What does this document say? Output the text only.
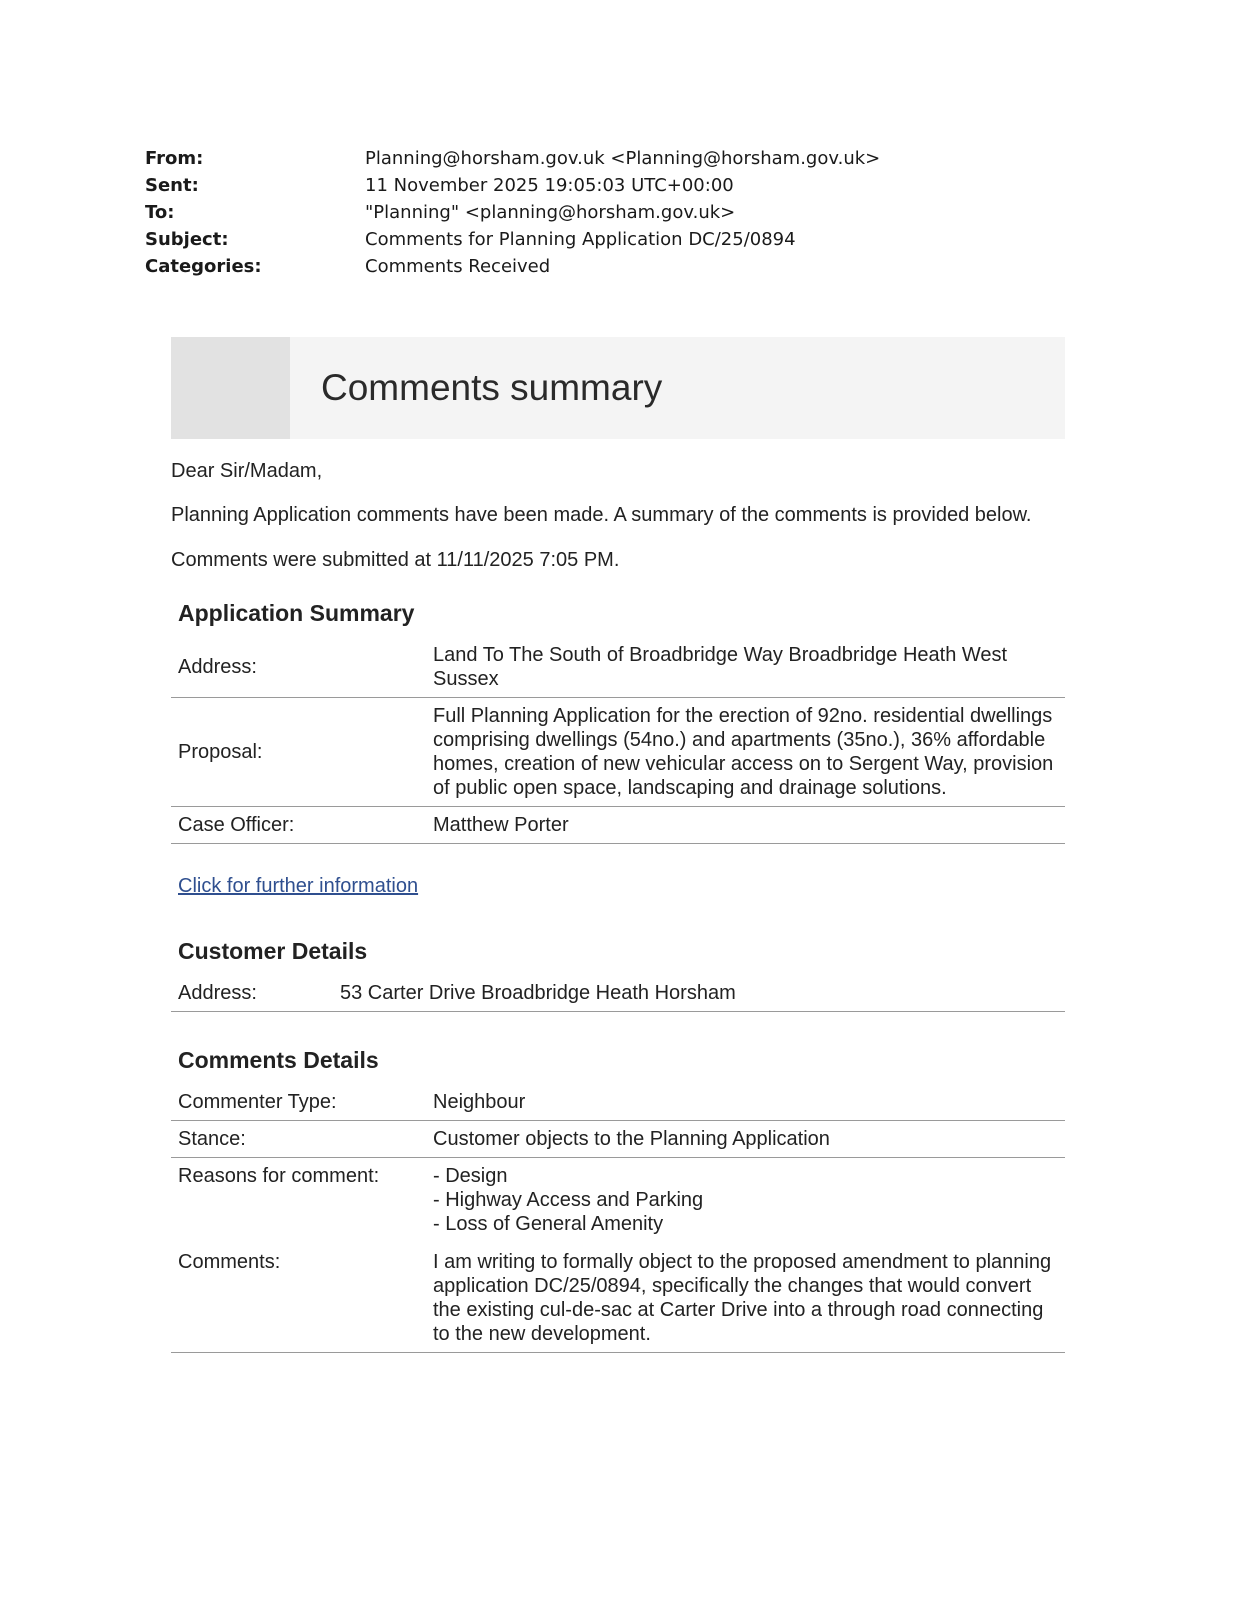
From:	Planning@horsham.gov.uk <Planning@horsham.gov.uk>
Sent:	11 November 2025 19:05:03 UTC+00:00
To:	"Planning" <planning@horsham.gov.uk>
Subject:	Comments for Planning Application DC/25/0894
Categories:	Comments Received
Comments summary

Dear Sir/Madam,

Planning Application comments have been made. A summary of the comments is provided below.

Comments were submitted at 11/11/2025 7:05 PM.

Application Summary
Address:	Land To The South of Broadbridge Way Broadbridge Heath West Sussex
Proposal:	Full Planning Application for the erection of 92no. residential dwellings comprising dwellings (54no.) and apartments (35no.), 36% affordable homes, creation of new vehicular access on to Sergent Way, provision of public open space, landscaping and drainage solutions.
Case Officer:	Matthew Porter
Click for further information
Customer Details
Address:	53 Carter Drive Broadbridge Heath Horsham
Comments Details
Commenter Type:	Neighbour
Stance:	Customer objects to the Planning Application
Reasons for comment:	- Design
- Highway Access and Parking
- Loss of General Amenity

Comments:	I am writing to formally object to the proposed amendment to planning application DC/25/0894, specifically the changes that would convert the existing cul-de-sac at Carter Drive into a through road connecting to the new development.
